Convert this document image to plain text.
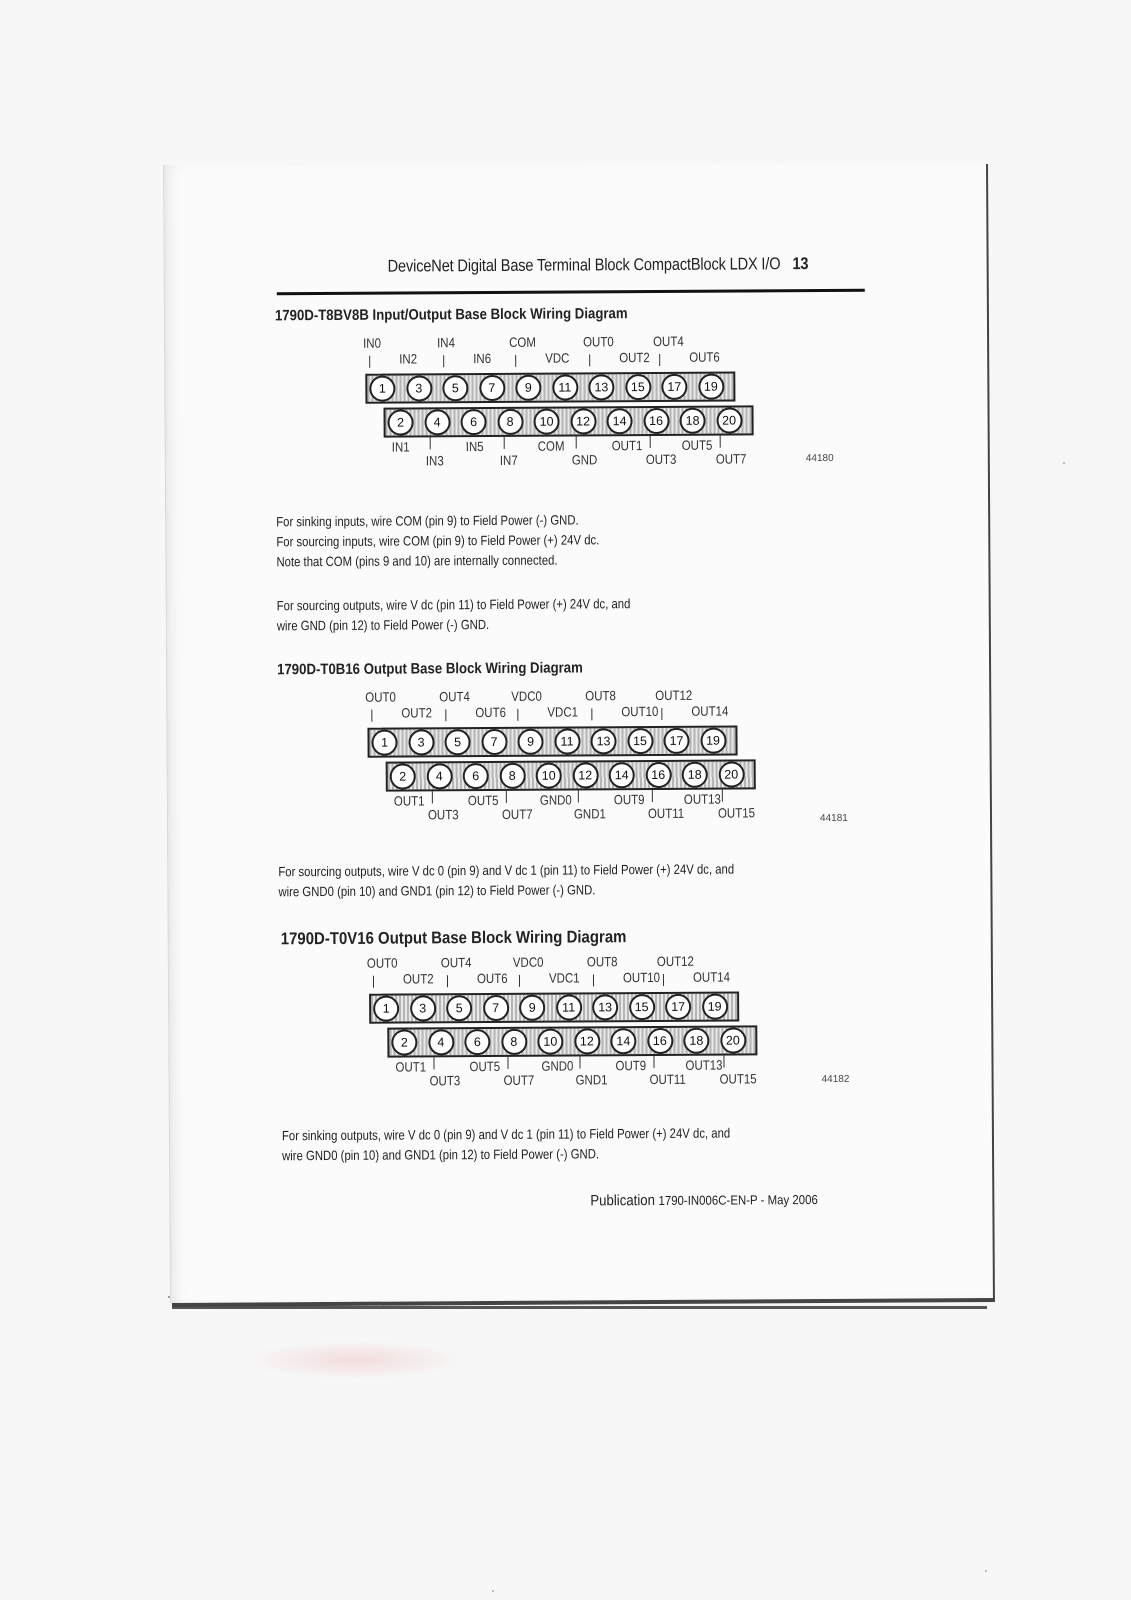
DeviceNet Digital Base Terminal Block CompactBlock LDX I/O 13
1790D-T8BV8B Input/Output Base Block Wiring Diagram
IN0
IN2
IN1
IN3
IN4
IN6
IN5
IN7
COM
VDC
COM
GND
OUT0
OUT2
OUT1
OUT3
OUT4
OUT6
OUT5
OUT7
1
2
3
4
5
6
7
8
9
10
11
12
13
14
15
16
17
18
19
20
44180
For sinking inputs, wire COM (pin 9) to Field Power (-) GND.
For sourcing inputs, wire COM (pin 9) to Field Power (+) 24V dc.
Note that COM (pins 9 and 10) are internally connected.
For sourcing outputs, wire V dc (pin 11) to Field Power (+) 24V dc, and
wire GND (pin 12) to Field Power (-) GND.
1790D-T0B16 Output Base Block Wiring Diagram
OUT0
OUT2
OUT1
OUT3
OUT4
OUT6
OUT5
OUT7
VDC0
VDC1
GND0
GND1
OUT8
OUT10
OUT9
OUT11
OUT12
OUT14
OUT13
OUT15
1
2
3
4
5
6
7
8
9
10
11
12
13
14
15
16
17
18
19
20
44181
For sourcing outputs, wire V dc 0 (pin 9) and V dc 1 (pin 11) to Field Power (+) 24V dc, and
wire GND0 (pin 10) and GND1 (pin 12) to Field Power (-) GND.
1790D-T0V16 Output Base Block Wiring Diagram
OUT0
OUT2
OUT1
OUT3
OUT4
OUT6
OUT5
OUT7
VDC0
VDC1
GND0
GND1
OUT8
OUT10
OUT9
OUT11
OUT12
OUT14
OUT13
OUT15
1
2
3
4
5
6
7
8
9
10
11
12
13
14
15
16
17
18
19
20
44182
For sinking outputs, wire V dc 0 (pin 9) and V dc 1 (pin 11) to Field Power (+) 24V dc, and
wire GND0 (pin 10) and GND1 (pin 12) to Field Power (-) GND.
Publication 1790-IN006C-EN-P - May 2006
